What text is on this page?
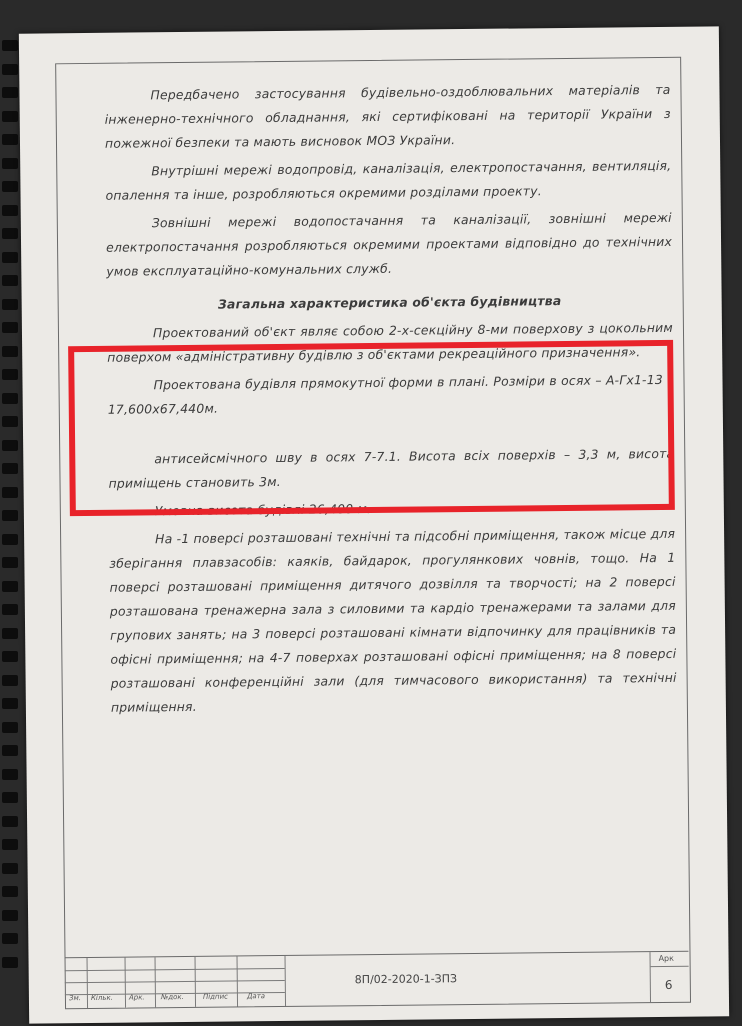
Передбачено застосування будівельно-оздоблювальних матеріалів та інженерно-технічного обладнання, які сертифіковані на території України з пожежної безпеки та мають висновок МОЗ України.

Внутрішні мережі водопровід, каналізація, електропостачання, вентиляція, опалення та інше, розробляються окремими розділами проекту.

Зовнішні мережі водопостачання та каналізації, зовнішні мережі електропостачання розробляються окремими проектами відповідно до технічних умов експлуатаційно-комунальних служб.

Загальна характеристика об'єкта будівництва

Проектований об'єкт являє собою 2-х-секційну 8-ми поверхову з цокольним поверхом «адміністративну будівлю з об'єктами рекреаційного призначення».

Проектована будівля прямокутної форми в плані. Розміри в осях – А-Гх1-13 – 17,600х67,440м.

антисейсмічного шву в осях 7-7.1. Висота всіх поверхів – 3,3 м, висота приміщень становить 3м.

Умовна висота будівлі 26,400 м.

На -1 поверсі розташовані технічні та підсобні приміщення, також місце для зберігання плавзасобів: каяків, байдарок, прогулянкових човнів, тощо. На 1 поверсі розташовані приміщення дитячого дозвілля та творчості; на 2 поверсі розташована тренажерна зала з силовими та кардіо тренажерами та залами для групових занять; на 3 поверсі розташовані кімнати відпочинку для працівників та офісні приміщення; на 4-7 поверхах розташовані офісні приміщення; на 8 поверсі розташовані конференційні зали (для тимчасового використання) та технічні приміщення.

Зм. Кільк. Арк. №док.	Підпис	Дата
8П/02-2020-1-ЗПЗ
Арк
6
